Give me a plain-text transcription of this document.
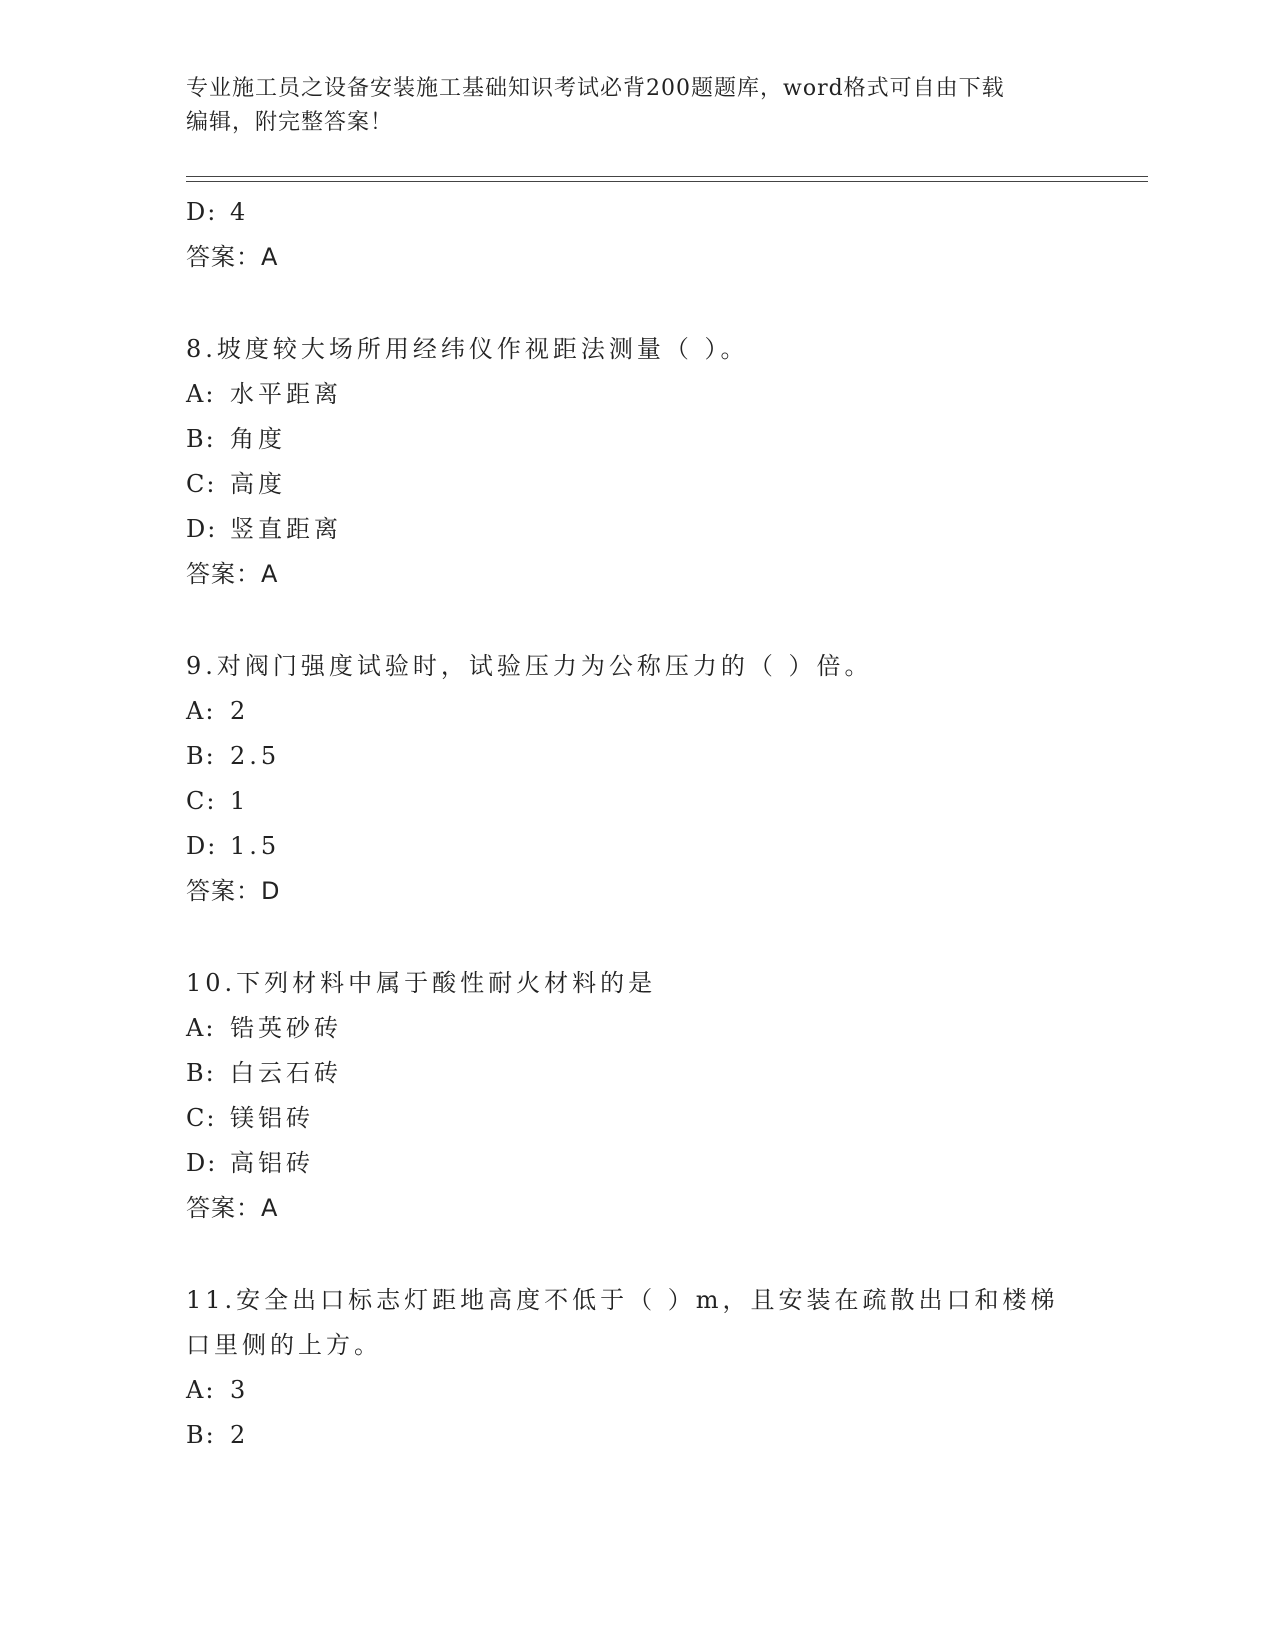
专业施工员之设备安装施工基础知识考试必背200题题库，word格式可自由下载
编辑，附完整答案！
D: 4
答案：A
8.坡度较大场所用经纬仪作视距法测量（ ）。
A: 水平距离
B: 角度
C: 高度
D: 竖直距离
答案：A
9.对阀门强度试验时，试验压力为公称压力的（ ）倍。
A: 2
B: 2.5
C: 1
D: 1.5
答案：D
10.下列材料中属于酸性耐火材料的是
A: 锆英砂砖
B: 白云石砖
C: 镁铝砖
D: 高铝砖
答案：A
11.安全出口标志灯距地高度不低于（ ）m，且安装在疏散出口和楼梯口里侧的上方。
A: 3
B: 2
